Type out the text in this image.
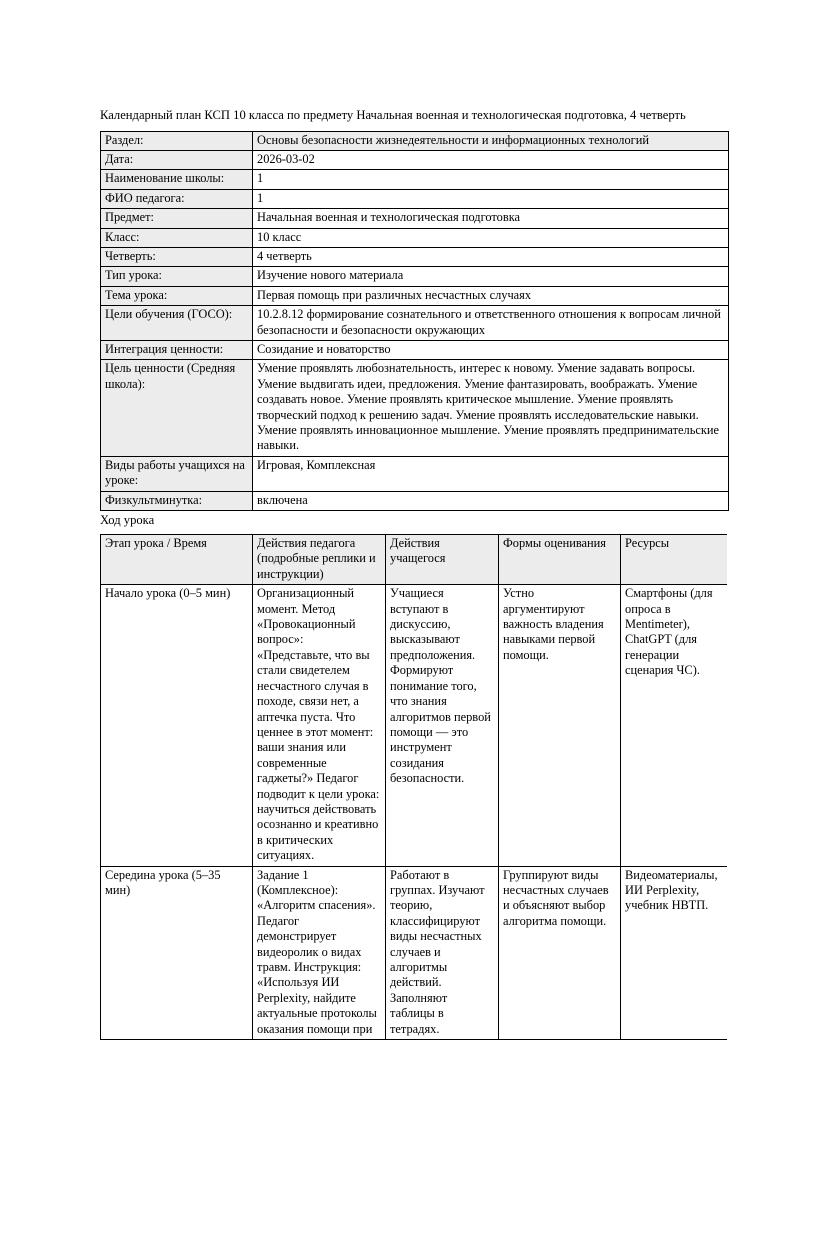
Календарный план КСП 10 класса по предмету Начальная военная и технологическая подготовка, 4 четверть

Раздел:	Основы безопасности жизнедеятельности и информационных технологий
Дата:	2026-03-02
Наименование школы:	1
ФИО педагога:	1
Предмет:	Начальная военная и технологическая подготовка
Класс:	10 класс
Четверть:	4 четверть
Тип урока:	Изучение нового материала
Тема урока:	Первая помощь при различных несчастных случаях
Цели обучения (ГОСО):	10.2.8.12 формирование сознательного и ответственного отношения к вопросам личной безопасности и безопасности окружающих
Интеграция ценности:	Созидание и новаторство
Цель ценности (Средняя школа):	Умение проявлять любознательность, интерес к новому. Умение задавать вопросы. Умение выдвигать идеи, предложения. Умение фантазировать, воображать. Умение создавать новое. Умение проявлять критическое мышление. Умение проявлять творческий подход к решению задач. Умение проявлять исследовательские навыки. Умение проявлять инновационное мышление. Умение проявлять предпринимательские навыки.
Виды работы учащихся на уроке:	Игровая, Комплексная
Физкультминутка:	включена

Ход урока

Этап урока / Время	Действия педагога (подробные реплики и инструкции)	Действия учащегося	Формы оценивания	Ресурсы
Начало урока (0–5 мин)	Организационный момент. Метод «Провокационный вопрос»: «Представьте, что вы стали свидетелем несчастного случая в походе, связи нет, а аптечка пуста. Что ценнее в этот момент: ваши знания или современные гаджеты?» Педагог подводит к цели урока: научиться действовать осознанно и креативно в критических ситуациях.	Учащиеся вступают в дискуссию, высказывают предположения. Формируют понимание того, что знания алгоритмов первой помощи — это инструмент созидания безопасности.	Устно аргументируют важность владения навыками первой помощи.	Смартфоны (для опроса в Mentimeter), ChatGPT (для генерации сценария ЧС).
Середина урока (5–35 мин)	Задание 1 (Комплексное): «Алгоритм спасения». Педагог демонстрирует видеоролик о видах травм. Инструкция: «Используя ИИ Perplexity, найдите актуальные протоколы оказания помощи при	Работают в группах. Изучают теорию, классифицируют виды несчастных случаев и алгоритмы действий. Заполняют таблицы в тетрадях.	Группируют виды несчастных случаев и объясняют выбор алгоритма помощи.	Видеоматериалы, ИИ Perplexity, учебник НВТП.
